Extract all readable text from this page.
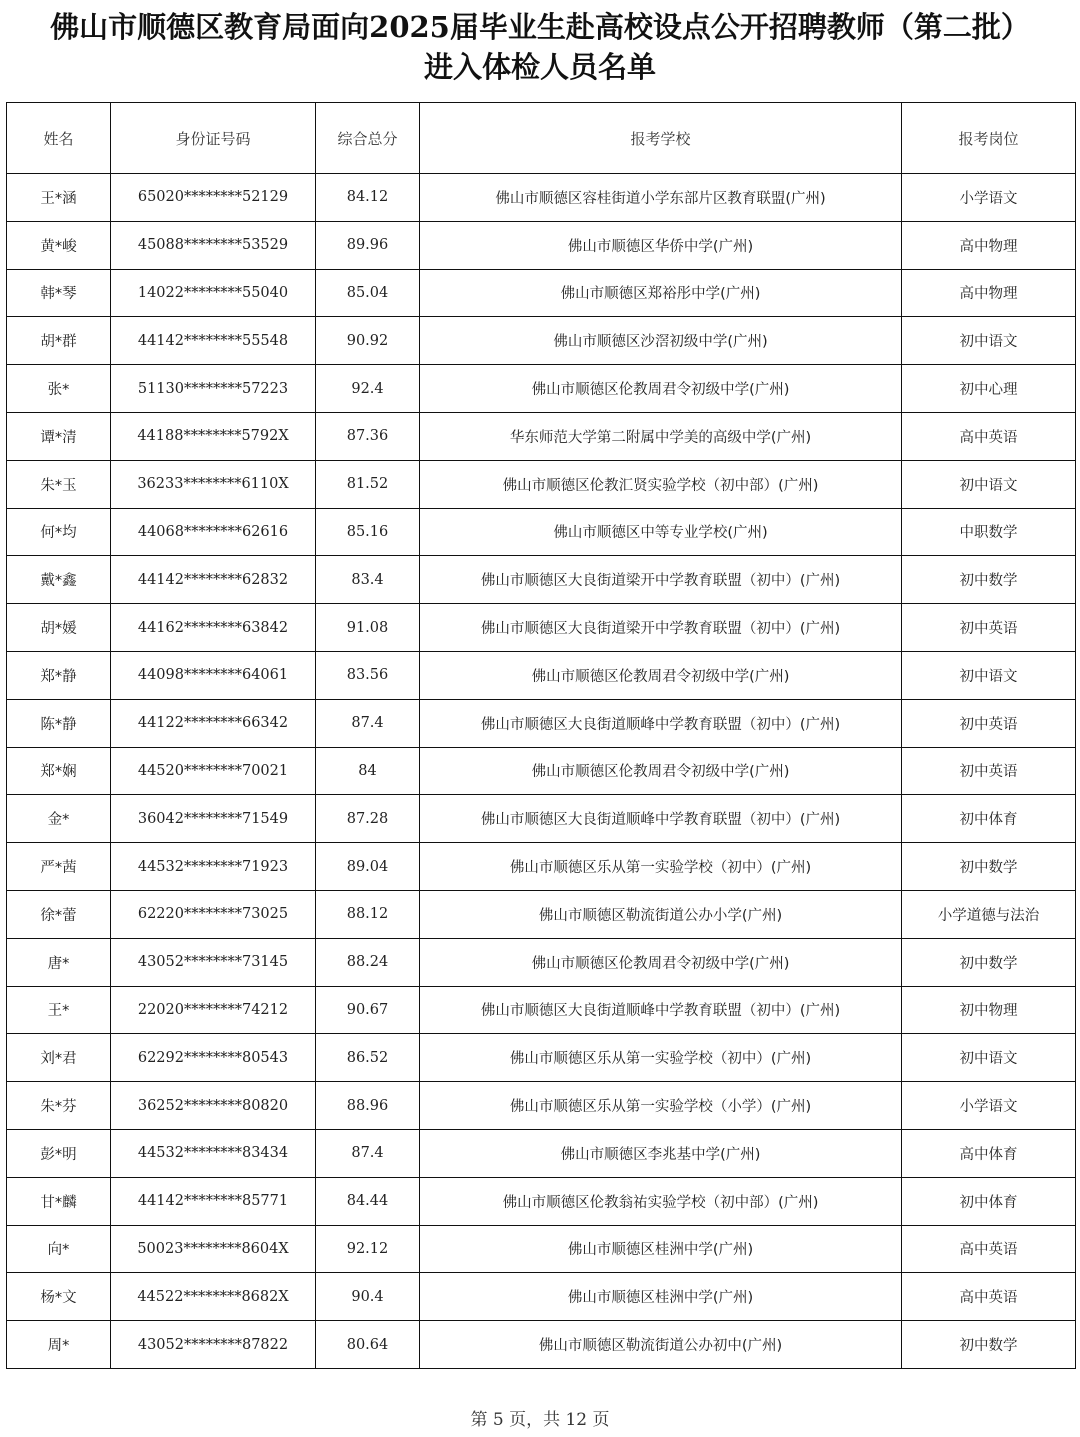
佛山市顺德区教育局面向2025届毕业生赴高校设点公开招聘教师（第二批）
进入体检人员名单
姓名	身份证号码	综合总分	报考学校	报考岗位
王*涵	65020********52129	84.12	佛山市顺德区容桂街道小学东部片区教育联盟(广州)	小学语文
黄*峻	45088********53529	89.96	佛山市顺德区华侨中学(广州)	高中物理
韩*琴	14022********55040	85.04	佛山市顺德区郑裕彤中学(广州)	高中物理
胡*群	44142********55548	90.92	佛山市顺德区沙滘初级中学(广州)	初中语文
张*	51130********57223	92.4	佛山市顺德区伦教周君令初级中学(广州)	初中心理
谭*清	44188********5792X	87.36	华东师范大学第二附属中学美的高级中学(广州)	高中英语
朱*玉	36233********6110X	81.52	佛山市顺德区伦教汇贤实验学校（初中部）(广州)	初中语文
何*均	44068********62616	85.16	佛山市顺德区中等专业学校(广州)	中职数学
戴*鑫	44142********62832	83.4	佛山市顺德区大良街道梁开中学教育联盟（初中）(广州)	初中数学
胡*媛	44162********63842	91.08	佛山市顺德区大良街道梁开中学教育联盟（初中）(广州)	初中英语
郑*静	44098********64061	83.56	佛山市顺德区伦教周君令初级中学(广州)	初中语文
陈*静	44122********66342	87.4	佛山市顺德区大良街道顺峰中学教育联盟（初中）(广州)	初中英语
郑*娴	44520********70021	84	佛山市顺德区伦教周君令初级中学(广州)	初中英语
金*	36042********71549	87.28	佛山市顺德区大良街道顺峰中学教育联盟（初中）(广州)	初中体育
严*茜	44532********71923	89.04	佛山市顺德区乐从第一实验学校（初中）(广州)	初中数学
徐*蕾	62220********73025	88.12	佛山市顺德区勒流街道公办小学(广州)	小学道德与法治
唐*	43052********73145	88.24	佛山市顺德区伦教周君令初级中学(广州)	初中数学
王*	22020********74212	90.67	佛山市顺德区大良街道顺峰中学教育联盟（初中）(广州)	初中物理
刘*君	62292********80543	86.52	佛山市顺德区乐从第一实验学校（初中）(广州)	初中语文
朱*芬	36252********80820	88.96	佛山市顺德区乐从第一实验学校（小学）(广州)	小学语文
彭*明	44532********83434	87.4	佛山市顺德区李兆基中学(广州)	高中体育
甘*麟	44142********85771	84.44	佛山市顺德区伦教翁祐实验学校（初中部）(广州)	初中体育
向*	50023********8604X	92.12	佛山市顺德区桂洲中学(广州)	高中英语
杨*文	44522********8682X	90.4	佛山市顺德区桂洲中学(广州)	高中英语
周*	43052********87822	80.64	佛山市顺德区勒流街道公办初中(广州)	初中数学
第 5 页，共 12 页
